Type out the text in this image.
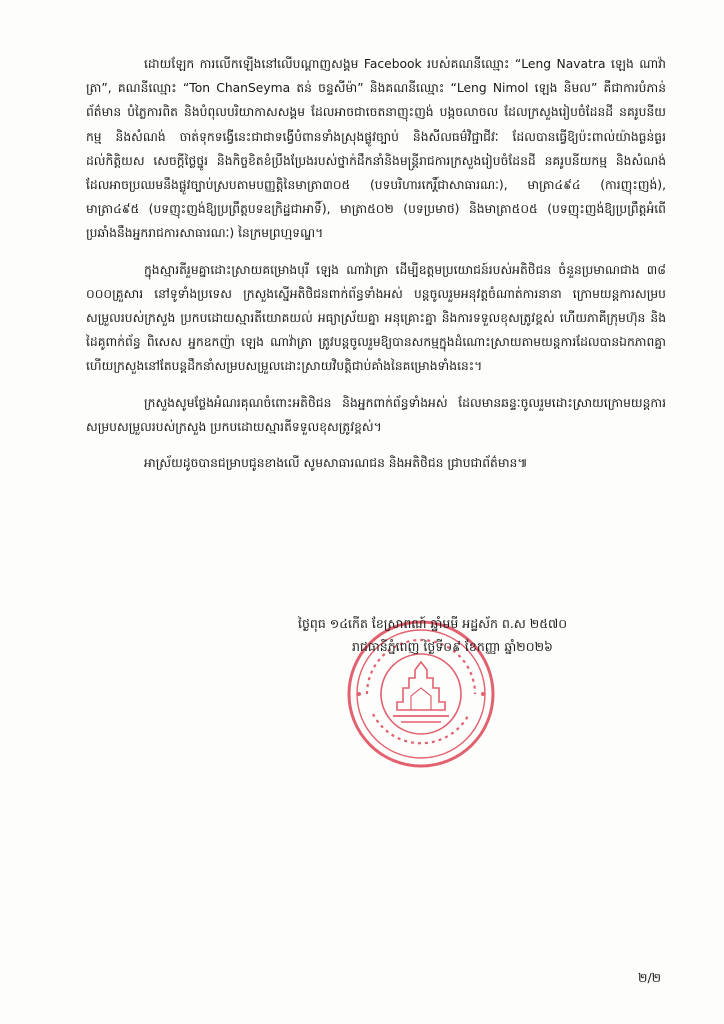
ដោយឡែក ការលើកឡើងនៅលើបណ្តាញសង្គម Facebook របស់គណនីឈ្មោះ “Leng Navatra ឡេង ណាវ៉ាត្រា”, គណនីឈ្មោះ “Ton ChanSeyma តន់ ចន្ទសីម៉ា” និងគណនីឈ្មោះ “Leng Nimol ឡេង និមល” គឺជាការបំភាន់ព័ត៌មាន បំភ្លៃការពិត និងបំពុលបរិយាកាសសង្គម ដែលអាចជាចេតនាញុះញង់ បង្កចលាចល ដែលក្រសួងរៀបចំដែនដី នគរូបនីយកម្ម និងសំណង់ ចាត់ទុកទង្វើនេះជាជាទង្វើបំពានទាំងស្រុងផ្លូវច្បាប់ និងសីលធម៌វិជ្ជាជីវៈ ដែលបានធ្វើឱ្យប៉ះពាល់យ៉ាងធ្ងន់ធ្ងរដល់កិត្តិយស សេចក្តីថ្លៃថ្នូរ និងកិច្ចខិតខំប្រឹងប្រែងរបស់ថ្នាក់ដឹកនាំនិងមន្ត្រីរាជការក្រសួងរៀបចំដែនដី នគរូបនីយកម្ម និងសំណង់ ដែលអាចប្រឈមនឹងផ្លូវច្បាប់ស្របតាមបញ្ញត្តិនៃមាត្រា៣០៥ (បទបរិហារកេរ្តិ៍ជាសាធារណៈ), មាត្រា៤៩៤ (ការញុះញង់), មាត្រា៤៩៥ (បទញុះញង់ឱ្យប្រព្រឹត្តបទឧក្រិដ្ឋជាអាទិ៍), មាត្រា៥០២ (បទប្រមាថ) និងមាត្រា៥០៥ (បទញុះញង់ឱ្យប្រព្រឹត្តអំពើប្រឆាំងនឹងអ្នករាជការសាធារណៈ) នៃក្រមព្រហ្មទណ្ឌ។

ក្នុងស្មារតីរួមគ្នាដោះស្រាយគម្រោងបុរី ឡេង ណាវ៉ាត្រា ដើម្បីឧត្តមប្រយោជន៍របស់អតិថិជន ចំនួនប្រមាណជាង ៣៨ ០០០គ្រួសារ នៅទូទាំងប្រទេស ក្រសួងស្នើអតិថិជនពាក់ព័ន្ធទាំងអស់ បន្តចូលរួមអនុវត្តចំណាត់ការនានា ក្រោមយន្តការសម្របសម្រួលរបស់ក្រសួង ប្រកបដោយស្មារតីយោគយល់ អធ្យាស្រ័យគ្នា អនុគ្រោះគ្នា និងការទទួលខុសត្រូវខ្ពស់ ហើយភាគីក្រុមហ៊ុន និងដៃគូពាក់ព័ន្ធ ពិសេស អ្នកឧកញ៉ា ឡេង ណាវ៉ាត្រា ត្រូវបន្តចូលរួមឱ្យបានសកម្មក្នុងដំណោះស្រាយតាមយន្តការដែលបានឯកភាពគ្នា ហើយក្រសួងនៅតែបន្តដឹកនាំសម្របសម្រួលដោះស្រាយវិបត្តិជាប់គាំងនៃគម្រោងទាំងនេះ។

ក្រសួងសូមថ្លែងអំណរគុណចំពោះអតិថិជន និងអ្នកពាក់ព័ន្ធទាំងអស់ ដែលមានឆន្ទៈចូលរួមដោះស្រាយក្រោមយន្តការសម្របសម្រួលរបស់ក្រសួង ប្រកបដោយស្មារតីទទួលខុសត្រូវខ្ពស់។

អាស្រ័យដូចបានជម្រាបជូនខាងលើ សូមសាធារណជន និងអតិថិជន ជ្រាបជាព័ត៌មាន៕

ថ្ងៃពុធ ១៤កើត ខែស្រាពណ៍ ឆ្នាំមមី អដ្ឋស័ក ព.ស ២៥៧០
រាជធានីភ្នំពេញ ថ្ងៃទី០៩ ខែកញ្ញា ឆ្នាំ២០២៦
២/២
